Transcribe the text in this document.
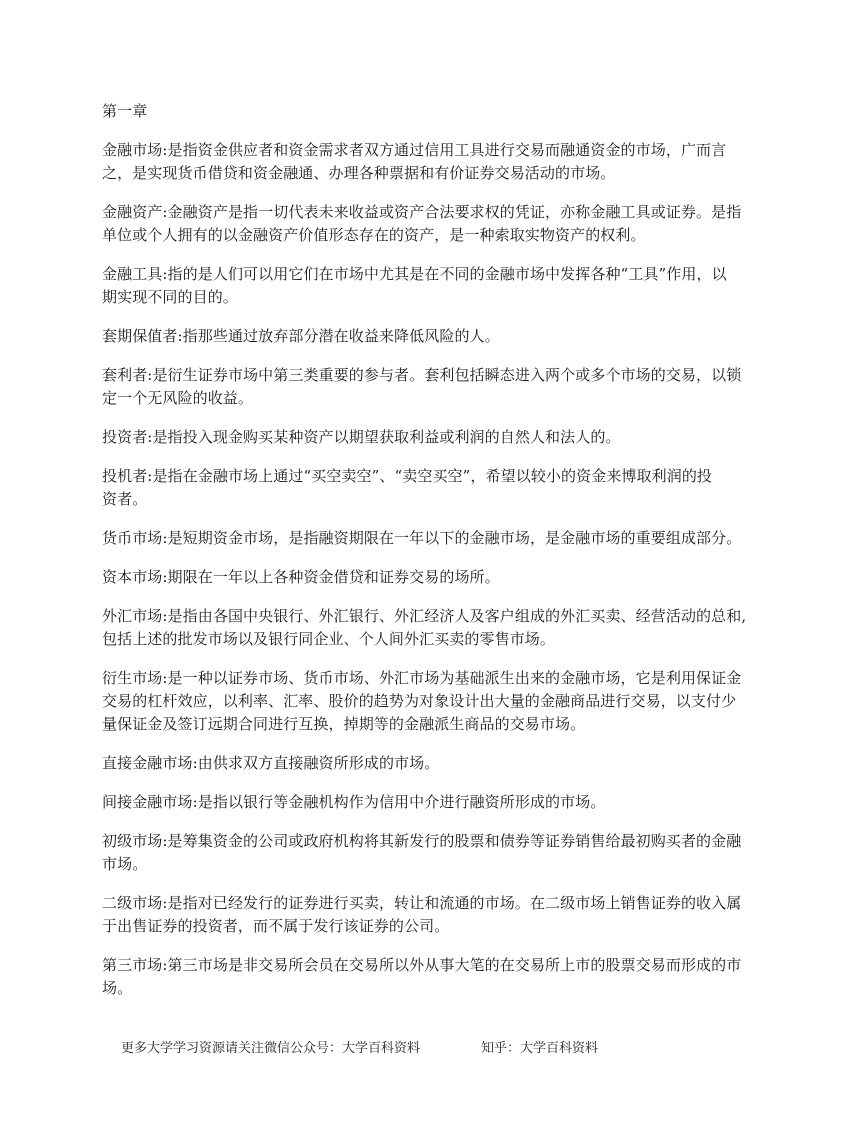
第一章
金融市场:是指资金供应者和资金需求者双方通过信用工具进行交易而融通资金的市场，广而言
之，是实现货币借贷和资金融通、办理各种票据和有价证券交易活动的市场。
金融资产:金融资产是指一切代表未来收益或资产合法要求权的凭证，亦称金融工具或证券。是指
单位或个人拥有的以金融资产价值形态存在的资产，是一种索取实物资产的权利。
金融工具:指的是人们可以用它们在市场中尤其是在不同的金融市场中发挥各种“工具”作用，以
期实现不同的目的。
套期保值者:指那些通过放弃部分潜在收益来降低风险的人。
套利者:是衍生证券市场中第三类重要的参与者。套利包括瞬态进入两个或多个市场的交易，以锁
定一个无风险的收益。
投资者:是指投入现金购买某种资产以期望获取利益或利润的自然人和法人的。
投机者:是指在金融市场上通过“买空卖空”、“卖空买空”，希望以较小的资金来博取利润的投
资者。
货币市场:是短期资金市场，是指融资期限在一年以下的金融市场，是金融市场的重要组成部分。
资本市场:期限在一年以上各种资金借贷和证券交易的场所。
外汇市场:是指由各国中央银行、外汇银行、外汇经济人及客户组成的外汇买卖、经营活动的总和,
包括上述的批发市场以及银行同企业、个人间外汇买卖的零售市场。
衍生市场:是一种以证券市场、货币市场、外汇市场为基础派生出来的金融市场，它是利用保证金
交易的杠杆效应，以利率、汇率、股价的趋势为对象设计出大量的金融商品进行交易，以支付少
量保证金及签订远期合同进行互换，掉期等的金融派生商品的交易市场。
直接金融市场:由供求双方直接融资所形成的市场。
间接金融市场:是指以银行等金融机构作为信用中介进行融资所形成的市场。
初级市场:是筹集资金的公司或政府机构将其新发行的股票和债券等证券销售给最初购买者的金融
市场。
二级市场:是指对已经发行的证券进行买卖，转让和流通的市场。在二级市场上销售证券的收入属
于出售证券的投资者，而不属于发行该证券的公司。
第三市场:第三市场是非交易所会员在交易所以外从事大笔的在交易所上市的股票交易而形成的市
场。
更多大学学习资源请关注微信公众号：大学百科资料	知乎：大学百科资料
